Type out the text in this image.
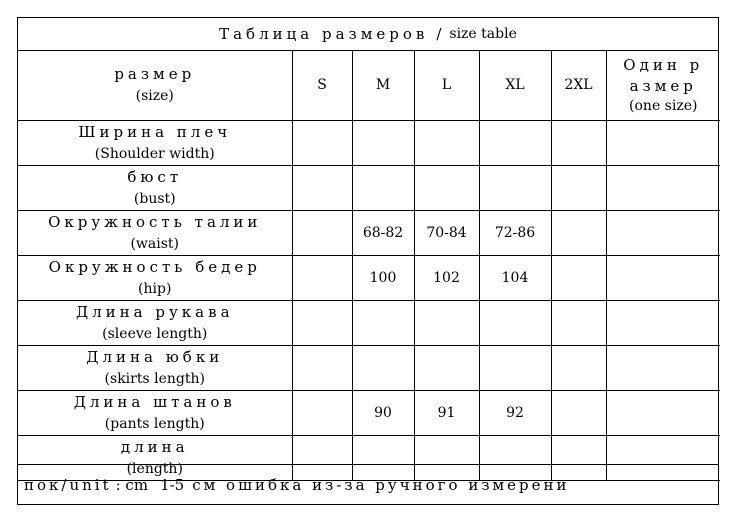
Таблица размеров / size table
размер
(size)	S	M	L	XL	2XL	Один р
азмер
(one size)

Ширина плеч
(Shoulder width)						

бюст
(bust)						

Окружность талии
(waist)		68-82	70-84	72-86		

Окружность бедер
(hip)		100	102	104		

Длина рукава
(sleeve length)						

Длина юбки
(skirts length)						

Длина штанов
(pants length)		90	91	92		

длина
(length)						

пок/unit : cm 1-5 см ошибка из-за ручного измерени
